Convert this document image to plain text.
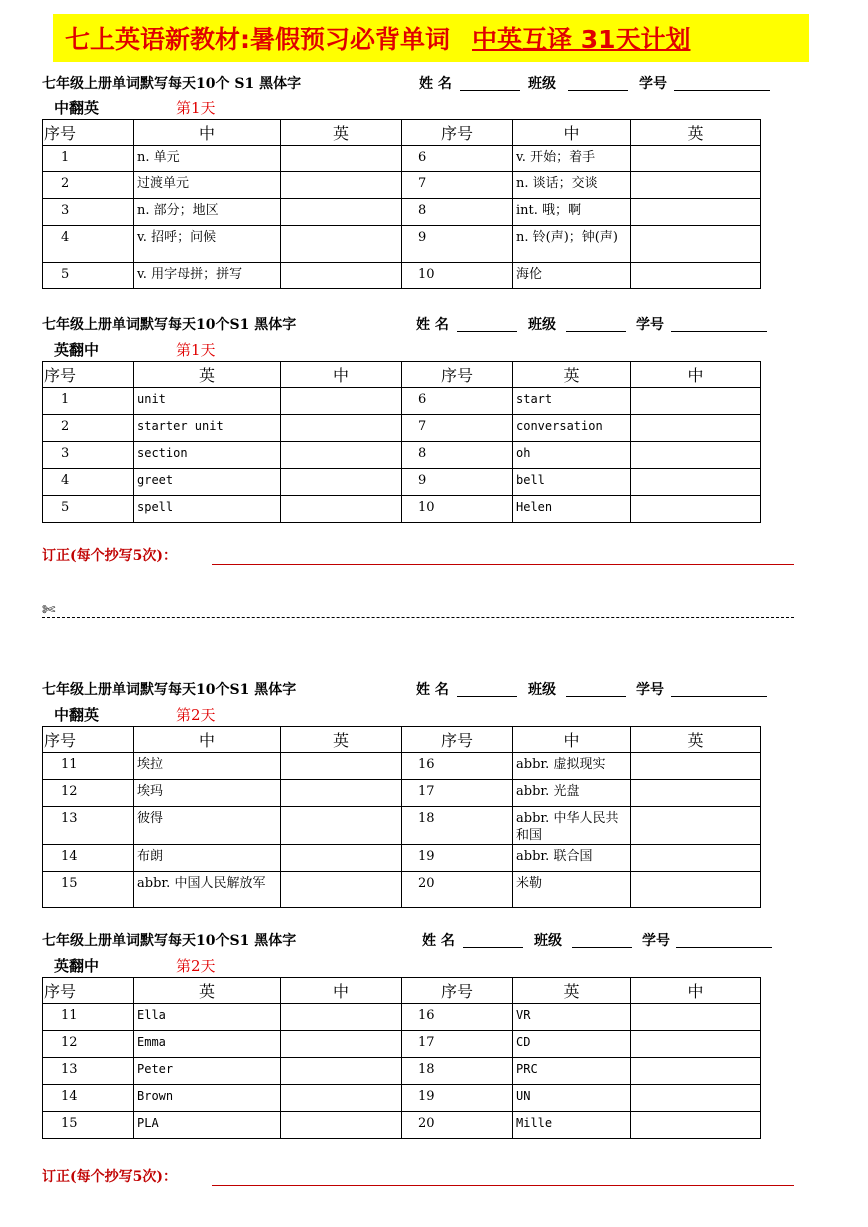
七上英语新教材:暑假预习必背单词 中英互译 31天计划
七年级上册单词默写每天10个 S1 黑体字	姓 名	班级	学号
中翻英	第1天
序号	中	英	序号	中	英
1	n. 单元		6	v. 开始；着手	
2	过渡单元		7	n. 谈话；交谈	
3	n. 部分；地区		8	int. 哦；啊	
4	v. 招呼；问候		9	n. 铃(声)；钟(声)	
5	v. 用字母拼；拼写		10	海伦	
七年级上册单词默写每天10个S1 黑体字	姓 名	班级	学号
英翻中	第1天
序号	英	中	序号	英	中
1	unit		6	start	
2	starter unit		7	conversation	
3	section		8	oh	
4	greet		9	bell	
5	spell		10	Helen	
订正(每个抄写5次)：
✄
七年级上册单词默写每天10个S1 黑体字	姓 名	班级	学号
中翻英	第2天
序号	中	英	序号	中	英
11	埃拉		16	abbr. 虚拟现实	
12	埃玛		17	abbr. 光盘	
13	彼得		18	abbr. 中华人民共和国	
14	布朗		19	abbr. 联合国	
15	abbr. 中国人民解放军		20	米勒	
七年级上册单词默写每天10个S1 黑体字	姓 名	班级	学号
英翻中	第2天
序号	英	中	序号	英	中
11	Ella		16	VR	
12	Emma		17	CD	
13	Peter		18	PRC	
14	Brown		19	UN	
15	PLA		20	Mille	
订正(每个抄写5次)：
